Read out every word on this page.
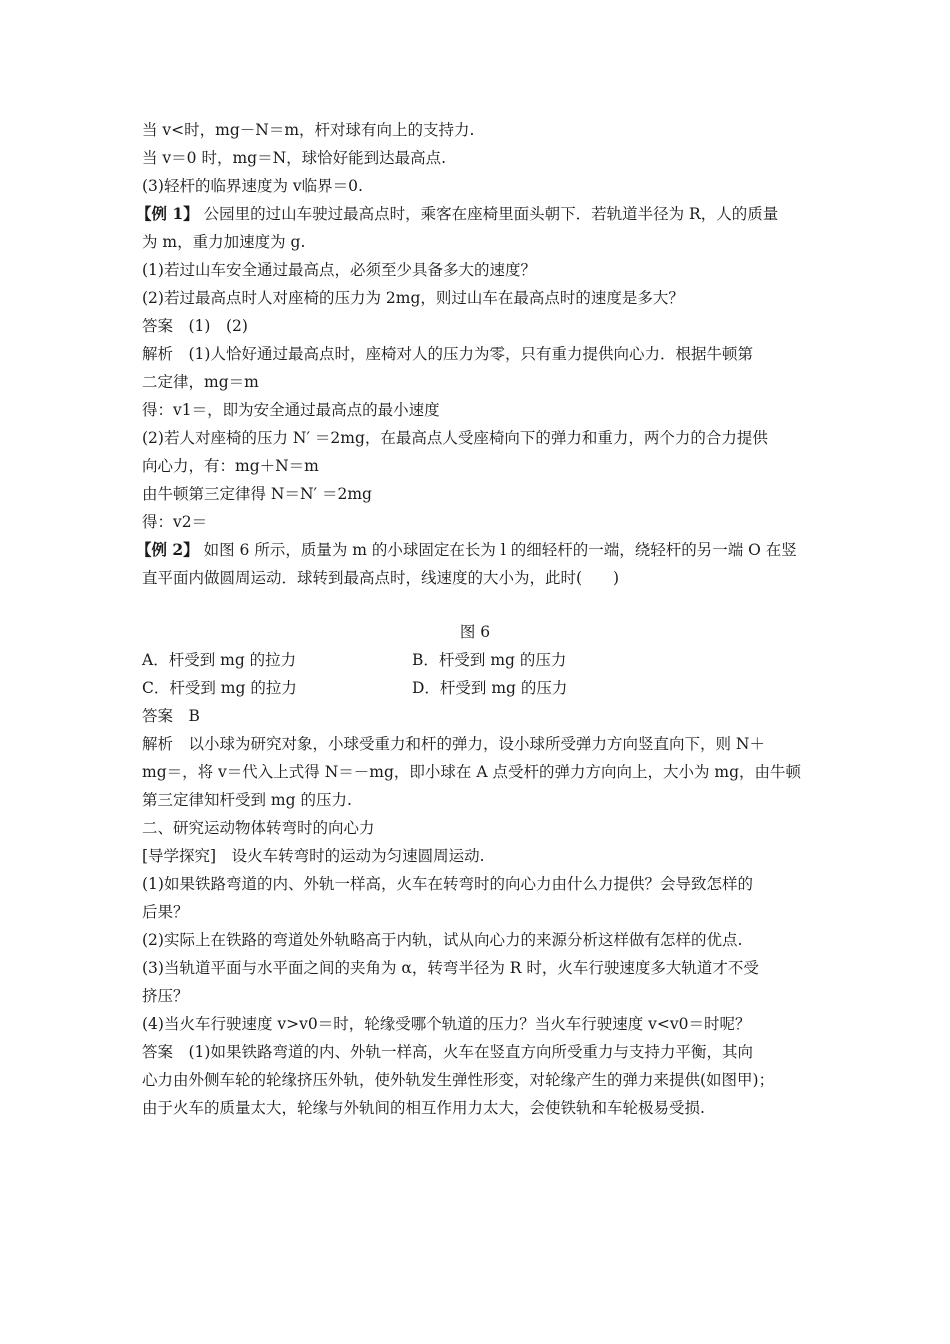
当 v<时，mg－N＝m，杆对球有向上的支持力.
当 v＝0 时，mg＝N，球恰好能到达最高点.
(3)轻杆的临界速度为 v临界＝0.
【例 1】 公园里的过山车驶过最高点时，乘客在座椅里面头朝下．若轨道半径为 R，人的质量
为 m，重力加速度为 g.
(1)若过山车安全通过最高点，必须至少具备多大的速度？
(2)若过最高点时人对座椅的压力为 2mg，则过山车在最高点时的速度是多大？
答案　(1)　(2)
解析　(1)人恰好通过最高点时，座椅对人的压力为零，只有重力提供向心力．根据牛顿第
二定律，mg＝m
得：v1＝，即为安全通过最高点的最小速度
(2)若人对座椅的压力 N′ ＝2mg，在最高点人受座椅向下的弹力和重力，两个力的合力提供
向心力，有：mg＋N＝m
由牛顿第三定律得 N＝N′ ＝2mg
得：v2＝
【例 2】 如图 6 所示，质量为 m 的小球固定在长为 l 的细轻杆的一端，绕轻杆的另一端 O 在竖
直平面内做圆周运动．球转到最高点时，线速度的大小为，此时(　　)
图 6
A．杆受到 mg 的拉力	B．杆受到 mg 的压力
C．杆受到 mg 的拉力	D．杆受到 mg 的压力
答案　B
解析　以小球为研究对象，小球受重力和杆的弹力，设小球所受弹力方向竖直向下，则 N＋
mg＝，将 v＝代入上式得 N＝－mg，即小球在 A 点受杆的弹力方向向上，大小为 mg，由牛顿
第三定律知杆受到 mg 的压力.
二、研究运动物体转弯时的向心力
[导学探究]　设火车转弯时的运动为匀速圆周运动.
(1)如果铁路弯道的内、外轨一样高，火车在转弯时的向心力由什么力提供？会导致怎样的
后果？
(2)实际上在铁路的弯道处外轨略高于内轨，试从向心力的来源分析这样做有怎样的优点.
(3)当轨道平面与水平面之间的夹角为 α，转弯半径为 R 时，火车行驶速度多大轨道才不受
挤压？
(4)当火车行驶速度 v>v0＝时，轮缘受哪个轨道的压力？当火车行驶速度 v<v0＝时呢？
答案　(1)如果铁路弯道的内、外轨一样高，火车在竖直方向所受重力与支持力平衡，其向
心力由外侧车轮的轮缘挤压外轨，使外轨发生弹性形变，对轮缘产生的弹力来提供(如图甲)；
由于火车的质量太大，轮缘与外轨间的相互作用力太大，会使铁轨和车轮极易受损.
